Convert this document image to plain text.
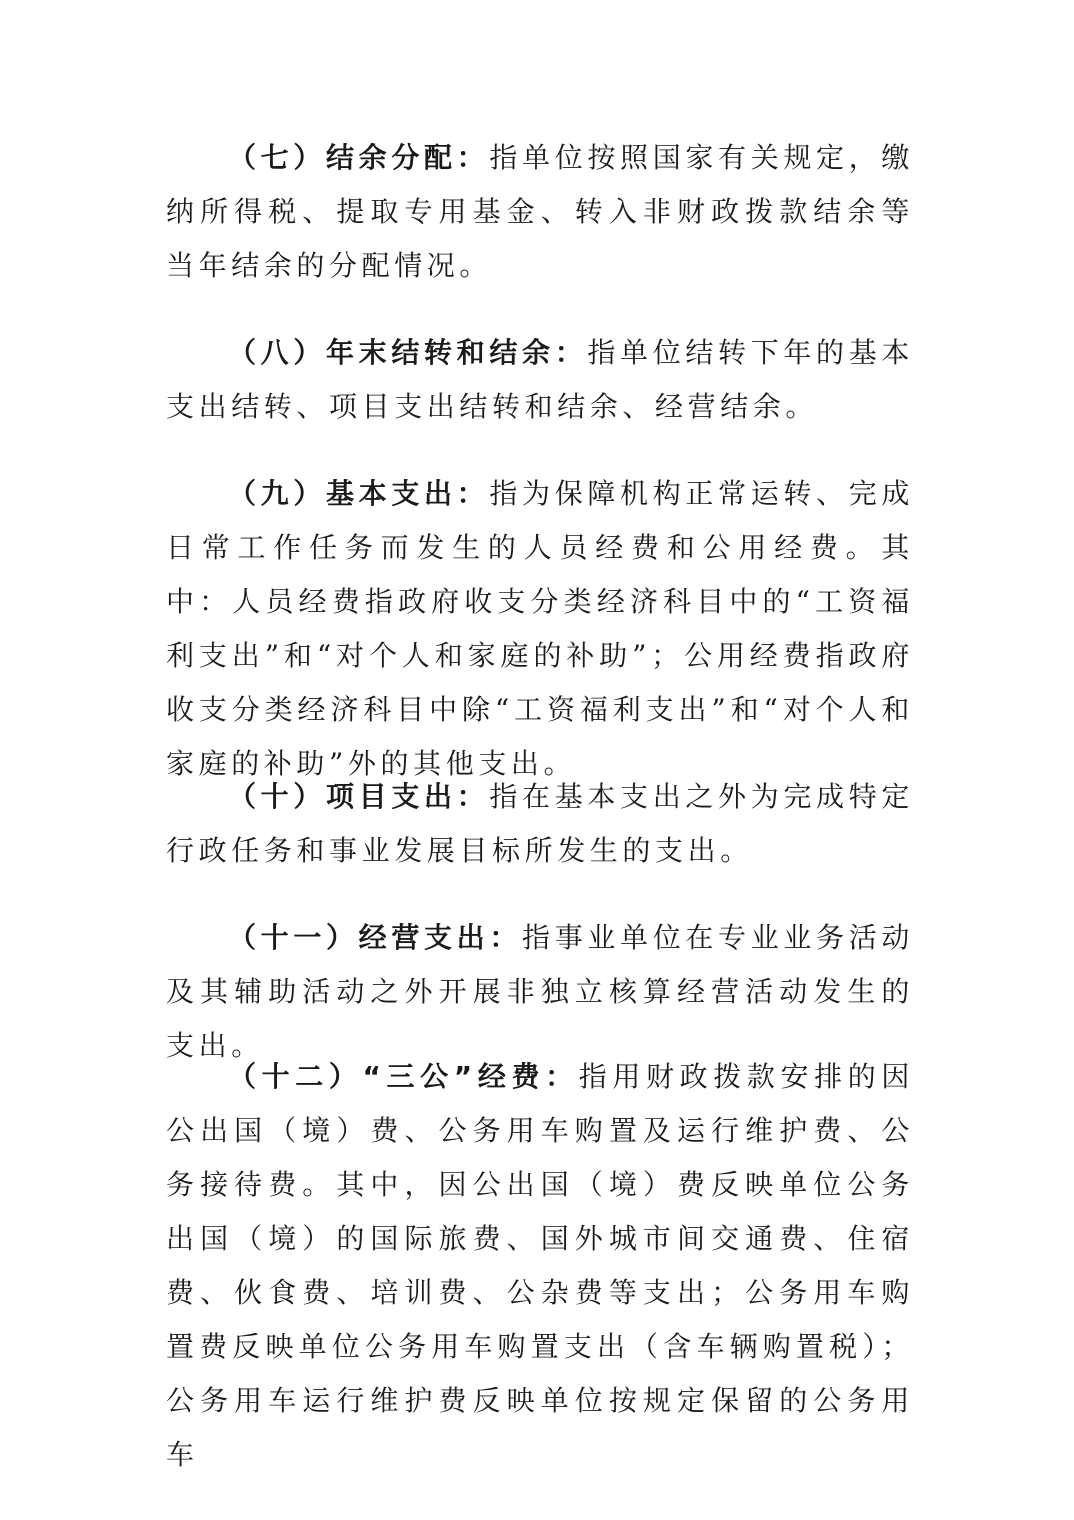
（七）结余分配：指单位按照国家有关规定，缴纳所得税、提取专用基金、转入非财政拨款结余等当年结余的分配情况。

（八）年末结转和结余：指单位结转下年的基本支出结转、项目支出结转和结余、经营结余。

（九）基本支出：指为保障机构正常运转、完成日常工作任务而发生的人员经费和公用经费。其中：人员经费指政府收支分类经济科目中的“工资福利支出”和“对个人和家庭的补助”；公用经费指政府收支分类经济科目中除“工资福利支出”和“对个人和家庭的补助”外的其他支出。

（十）项目支出：指在基本支出之外为完成特定行政任务和事业发展目标所发生的支出。

（十一）经营支出：指事业单位在专业业务活动及其辅助活动之外开展非独立核算经营活动发生的支出。

（十二）“三公”经费：指用财政拨款安排的因公出国（境）费、公务用车购置及运行维护费、公务接待费。其中，因公出国（境）费反映单位公务出国（境）的国际旅费、国外城市间交通费、住宿费、伙食费、培训费、公杂费等支出；公务用车购置费反映单位公务用车购置支出（含车辆购置税）；公务用车运行维护费反映单位按规定保留的公务用车
